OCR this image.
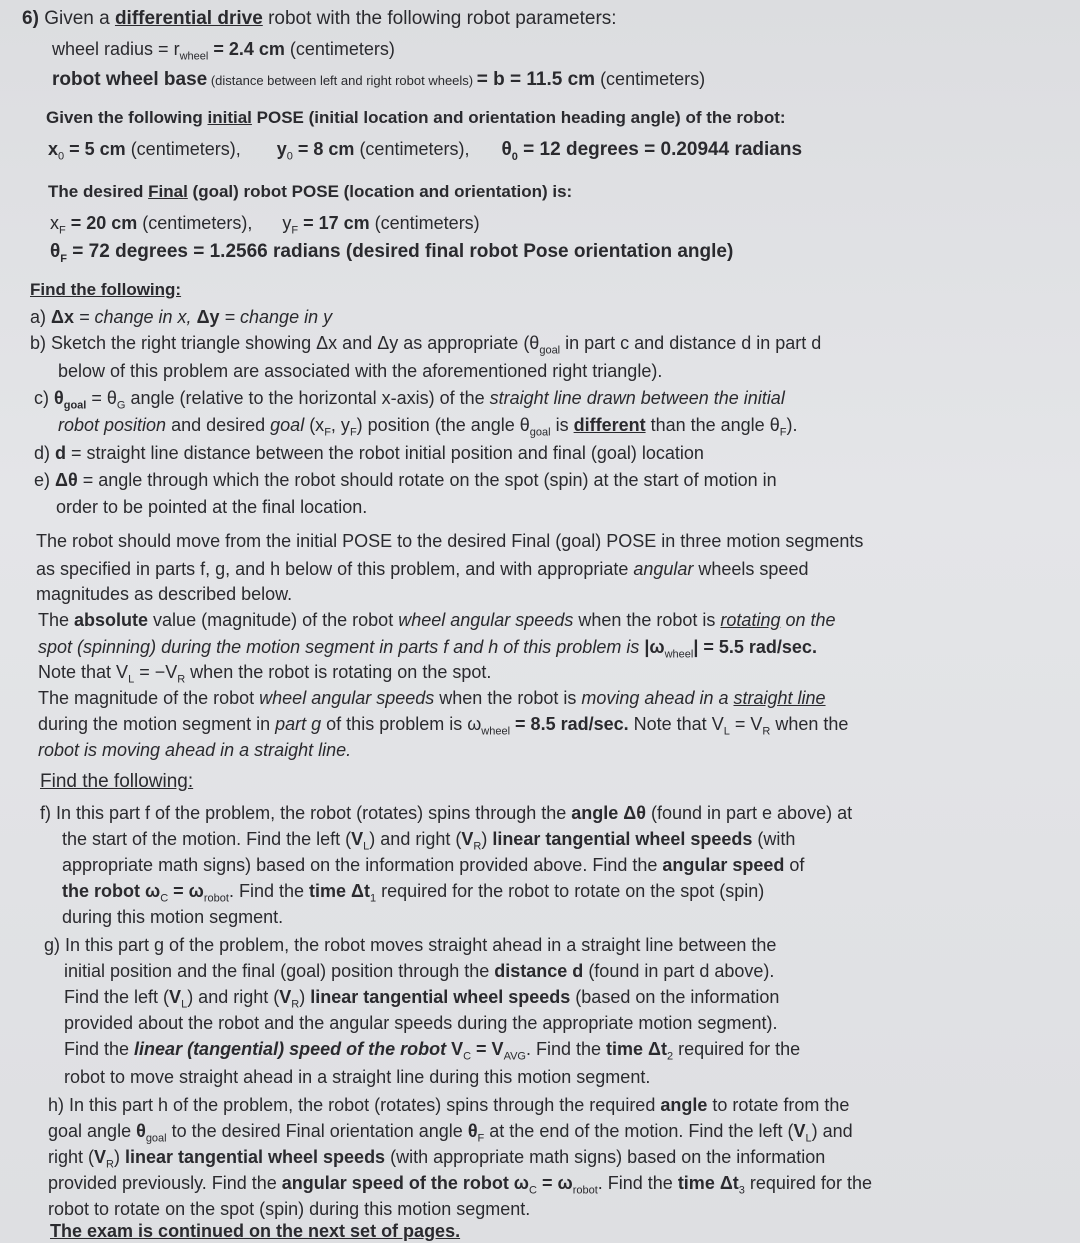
6) Given a differential drive robot with the following robot parameters:
wheel radius = $r_{wheel} = 2.4$ cm (centimeters)
robot wheel base (distance between left and right robot wheels) = b = 11.5 cm (centimeters)
Given the following initial POSE (initial location and orientation heading angle) of the robot:
$x_0 = 5$ cm (centimeters), $y_0 = 8$ cm (centimeters), $\theta_0 = 12$ degrees = 0.20944 radians
The desired Final (goal) robot POSE (location and orientation) is:
$x_F = 20$ cm (centimeters), $y_F = 17$ cm (centimeters)
$\theta_F = 72$ degrees = 1.2566 radians (desired final robot Pose orientation angle)
Find the following:
a) Δx = change in x, Δy = change in y
b) Sketch the right triangle showing Δx and Δy as appropriate ($\theta_{goal}$ in part c and distance d in part d
below of this problem are associated with the aforementioned right triangle).
c) $\theta_{goal} = \theta_G$ angle (relative to the horizontal x-axis) of the straight line drawn between the initial
robot position and desired goal ($x_F$, $y_F$) position (the angle $\theta_{goal}$ is different than the angle $\theta_F$).
d) d = straight line distance between the robot initial position and final (goal) location
e) Δθ = angle through which the robot should rotate on the spot (spin) at the start of motion in
order to be pointed at the final location.
The robot should move from the initial POSE to the desired Final (goal) POSE in three motion segments
as specified in parts f, g, and h below of this problem, and with appropriate angular wheels speed
magnitudes as described below.
The absolute value (magnitude) of the robot wheel angular speeds when the robot is rotating on the
spot (spinning) during the motion segment in parts f and h of this problem is $|\omega_{wheel}| = 5.5$ rad/sec.
Note that $V_L = -V_R$ when the robot is rotating on the spot.
The magnitude of the robot wheel angular speeds when the robot is moving ahead in a straight line
during the motion segment in part g of this problem is $\omega_{wheel} = 8.5$ rad/sec. Note that $V_L = V_R$ when the
robot is moving ahead in a straight line.
Find the following:
f) In this part f of the problem, the robot (rotates) spins through the angle Δθ (found in part e above) at
the start of the motion. Find the left $(V_L)$ and right $(V_R)$ linear tangential wheel speeds (with
appropriate math signs) based on the information provided above. Find the angular speed of
the robot $\omega_C = \omega_{robot}$. Find the time $\Delta t_1$ required for the robot to rotate on the spot (spin)
during this motion segment.
g) In this part g of the problem, the robot moves straight ahead in a straight line between the
initial position and the final (goal) position through the distance d (found in part d above).
Find the left $(V_L)$ and right $(V_R)$ linear tangential wheel speeds (based on the information
provided about the robot and the angular speeds during the appropriate motion segment).
Find the linear (tangential) speed of the robot $V_C = V_{AVG}$. Find the time $\Delta t_2$ required for the
robot to move straight ahead in a straight line during this motion segment.
h) In this part h of the problem, the robot (rotates) spins through the required angle to rotate from the
goal angle $\theta_{goal}$ to the desired Final orientation angle $\theta_F$ at the end of the motion. Find the left $(V_L)$ and
right $(V_R)$ linear tangential wheel speeds (with appropriate math signs) based on the information
provided previously. Find the angular speed of the robot $\omega_C = \omega_{robot}$. Find the time $\Delta t_3$ required for the
robot to rotate on the spot (spin) during this motion segment.
The exam is continued on the next set of pages.
